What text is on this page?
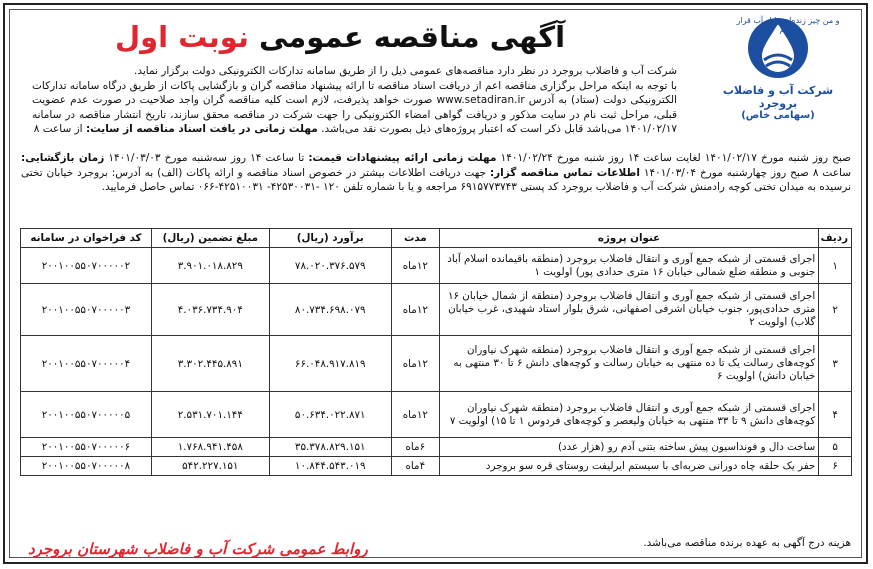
آگهی مناقصه عمومی نوبت اول	و من چیز زنده‌ای را از آب قرار دادیم
شرکت آب و فاضلاب بروجرد
(سهامی خاص)
شرکت آب و فاضلاب بروجرد در نظر دارد مناقصه‌های عمومی ذیل را از طریق سامانه تدارکات الکترونیکی دولت برگزار نماید.
با توجه به اینکه مراحل برگزاری مناقصه اعم از دریافت اسناد مناقصه تا ارائه پیشنهاد مناقصه گران و بازگشایی پاکات از طریق درگاه سامانه تدارکات الکترونیکی دولت (ستاد) به آدرس www.setadiran.ir صورت خواهد پذیرفت، لازم است کلیه مناقصه گران واجد صلاحیت در صورت عدم عضویت قبلی، مراحل ثبت نام در سایت مذکور و دریافت گواهی امضاء الکترونیکی را جهت شرکت در مناقصه محقق سازند، تاریخ انتشار مناقصه در سامانه ۱۴۰۱/۰۲/۱۷ می‌باشد قابل ذکر است که اعتبار پروژه‌های ذیل بصورت نقد می‌باشد. مهلت زمانی در یافت اسناد مناقصه از سایت: از ساعت ۸
صبح روز شنبه مورخ ۱۴۰۱/۰۲/۱۷ لغایت ساعت ۱۴ روز شنبه مورخ ۱۴۰۱/۰۲/۲۴ مهلت زمانی ارائه پیشنهادات قیمت: تا ساعت ۱۴ روز سه‌شنبه مورخ ۱۴۰۱/۰۳/۰۳ زمان بازگشایی: ساعت ۸ صبح روز چهارشنبه مورخ ۱۴۰۱/۰۳/۰۴ اطلاعات تماس مناقصه گزار: جهت دریافت اطلاعات بیشتر در خصوص اسناد مناقصه و ارائه پاکات (الف) به آدرس: بروجرد خیابان تختی نرسیده به میدان تختی کوچه رادمنش شرکت آب و فاضلاب بروجرد کد پستی ۶۹۱۵۷۷۳۷۴۳ مراجعه و یا با شماره تلفن ۱۲۰ -۴۲۵۳۰۰۳۱- ۴۲۵۱۰۰۳۱-۰۶۶ تماس حاصل فرمایید.
ردیف	عنوان پروژه	مدت	برآورد (ریال)	مبلغ تضمین (ریال)	کد فراخوان در سامانه
۱	اجرای قسمتی از شبکه جمع آوری و انتقال فاضلاب بروجرد (منطقه باقیمانده اسلام آباد جنوبی و منطقه ضلع شمالی خیابان ۱۶ متری حدادی پور) اولویت ۱	۱۲ماه	۷۸.۰۲۰.۳۷۶.۵۷۹	۳.۹۰۱.۰۱۸.۸۲۹	۲۰۰۱۰۰۵۵۰۷۰۰۰۰۰۲
۲	اجرای قسمتی از شبکه جمع آوری و انتقال فاضلاب بروجرد (منطقه از شمال خیابان ۱۶ متری حدادی‌پور، جنوب خیابان اشرفی اصفهانی، شرق بلوار استاد شهیدی، غرب خیابان گلاب) اولویت ۲	۱۲ماه	۸۰.۷۳۴.۶۹۸.۰۷۹	۴.۰۳۶.۷۳۴.۹۰۴	۲۰۰۱۰۰۵۵۰۷۰۰۰۰۰۳
۳	اجرای قسمتی از شبکه جمع آوری و انتقال فاضلاب بروجرد (منطقه شهرک نیاوران کوچه‌های رسالت یک تا ده منتهی به خیابان رسالت و کوچه‌های دانش ۶ تا ۳۰ منتهی به خیابان دانش) اولویت ۶	۱۲ماه	۶۶.۰۴۸.۹۱۷.۸۱۹	۳.۳۰۲.۴۴۵.۸۹۱	۲۰۰۱۰۰۵۵۰۷۰۰۰۰۰۴
۴	اجرای قسمتی از شبکه جمع آوری و انتقال فاضلاب بروجرد (منطقه شهرک نیاوران کوچه‌های دانش ۹ تا ۳۳ منتهی به خیابان ولیعصر و کوچه‌های فردوس ۱ تا ۱۵) اولویت ۷	۱۲ماه	۵۰.۶۳۴.۰۲۲.۸۷۱	۲.۵۳۱.۷۰۱.۱۴۴	۲۰۰۱۰۰۵۵۰۷۰۰۰۰۰۵
۵	ساخت دال و فونداسیون پیش ساخته بتنی آدم رو (هزار عدد)	۶ماه	۳۵.۳۷۸.۸۲۹.۱۵۱	۱.۷۶۸.۹۴۱.۴۵۸	۲۰۰۱۰۰۵۵۰۷۰۰۰۰۰۶
۶	حفر یک حلقه چاه دورانی ضربه‌ای با سیستم ایرلیفت روستای قره سو بروجرد	۴ماه	۱۰.۸۴۴.۵۴۳.۰۱۹	۵۴۲.۲۲۷.۱۵۱	۲۰۰۱۰۰۵۵۰۷۰۰۰۰۰۸
هزینه درج آگهی به عهده برنده مناقصه می‌باشد.
روابط عمومی شرکت آب و فاضلاب شهرستان بروجرد
